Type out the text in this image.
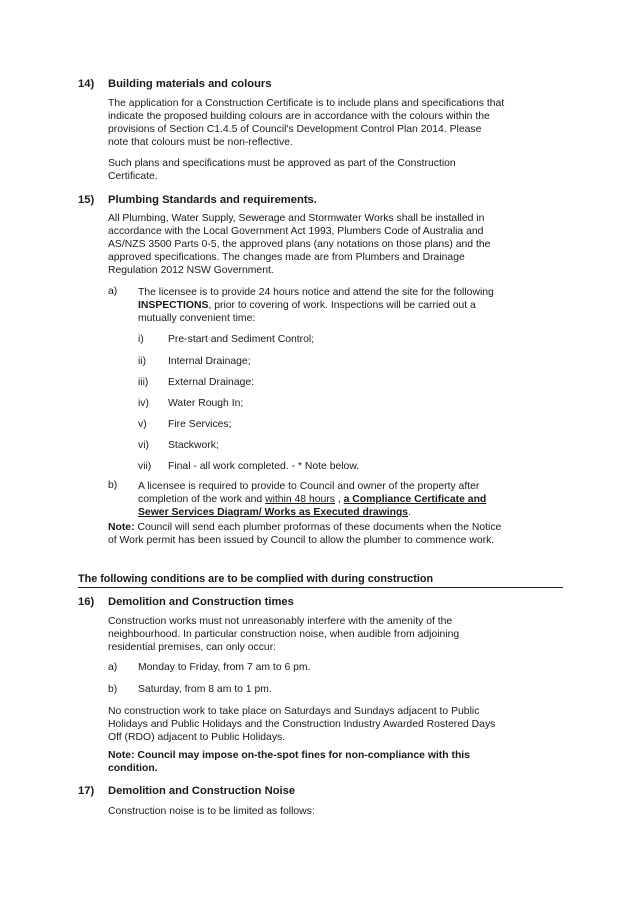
14) Building materials and colours

The application for a Construction Certificate is to include plans and specifications that

indicate the proposed building colours are in accordance with the colours within the

provisions of Section C1.4.5 of Council's Development Control Plan 2014. Please

note that colours must be non-reflective.

Such plans and specifications must be approved as part of the Construction

Certificate.

15) Plumbing Standards and requirements.

All Plumbing, Water Supply, Sewerage and Stormwater Works shall be installed in

accordance with the Local Government Act 1993, Plumbers Code of Australia and

AS/NZS 3500 Parts 0-5, the approved plans (any notations on those plans) and the

approved specifications. The changes made are from Plumbers and Drainage

Regulation 2012 NSW Government.

a) The licensee is to provide 24 hours notice and attend the site for the following
INSPECTIONS, prior to covering of work. Inspections will be carried out a
mutually convenient time:
i) Pre-start and Sediment Control;
ii) Internal Drainage;
iii) External Drainage:
iv) Water Rough In;
v) Fire Services;
vi) Stackwork;
vii) Final - all work completed. - * Note below.
b) A licensee is required to provide to Council and owner of the property after
completion of the work and within 48 hours , a Compliance Certificate and
Sewer Services Diagram/ Works as Executed drawings.

Note: Council will send each plumber proformas of these documents when the Notice

of Work permit has been issued by Council to allow the plumber to commence work.

The following conditions are to be complied with during construction
16) Demolition and Construction times

Construction works must not unreasonably interfere with the amenity of the

neighbourhood. In particular construction noise, when audible from adjoining

residential premises, can only occur:

a) Monday to Friday, from 7 am to 6 pm.
b) Saturday, from 8 am to 1 pm.

No construction work to take place on Saturdays and Sundays adjacent to Public

Holidays and Public Holidays and the Construction Industry Awarded Rostered Days

Off (RDO) adjacent to Public Holidays.

Note: Council may impose on-the-spot fines for non-compliance with this

condition.

17) Demolition and Construction Noise
Construction noise is to be limited as follows:
